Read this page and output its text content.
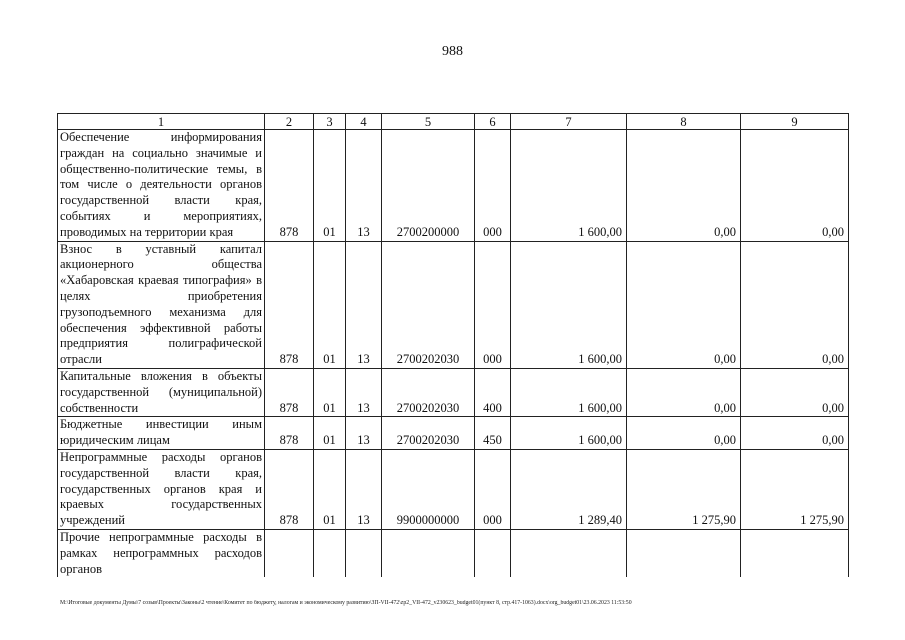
988
1	2	3	4	5	6	7	8	9
Обеспечение информирования граждан на социально значимые и общественно-политические темы, в том числе о деятельности органов государственной власти края, событиях и мероприятиях, проводимых на территории края	878	01	13	2700200000	000	1 600,00	0,00	0,00
Взнос в уставный капитал акционерного общества «Хабаровская краевая типография» в целях приобретения грузоподъемного механизма для обеспечения эффективной работы предприятия полиграфической отрасли	878	01	13	2700202030	000	1 600,00	0,00	0,00
Капитальные вложения в объекты государственной (муниципальной) собственности	878	01	13	2700202030	400	1 600,00	0,00	0,00
Бюджетные инвестиции иным юридическим лицам	878	01	13	2700202030	450	1 600,00	0,00	0,00
Непрограммные расходы органов государственной власти края, государственных органов края и краевых государственных учреждений	878	01	13	9900000000	000	1 289,40	1 275,90	1 275,90
Прочие непрограммные расходы в рамках непрограммных расходов органов								
M:\Итоговые документы Думы\7 созыв\Проекты\Законы\2 чтение\Комитет по бюджету, налогам и экономическому развитию\ЗП-VII-472\zp2_VII-472_v230623_budget01(пункт 8, стр.417-1063).docx\org_budget01\23.06.2023 11:53:50
